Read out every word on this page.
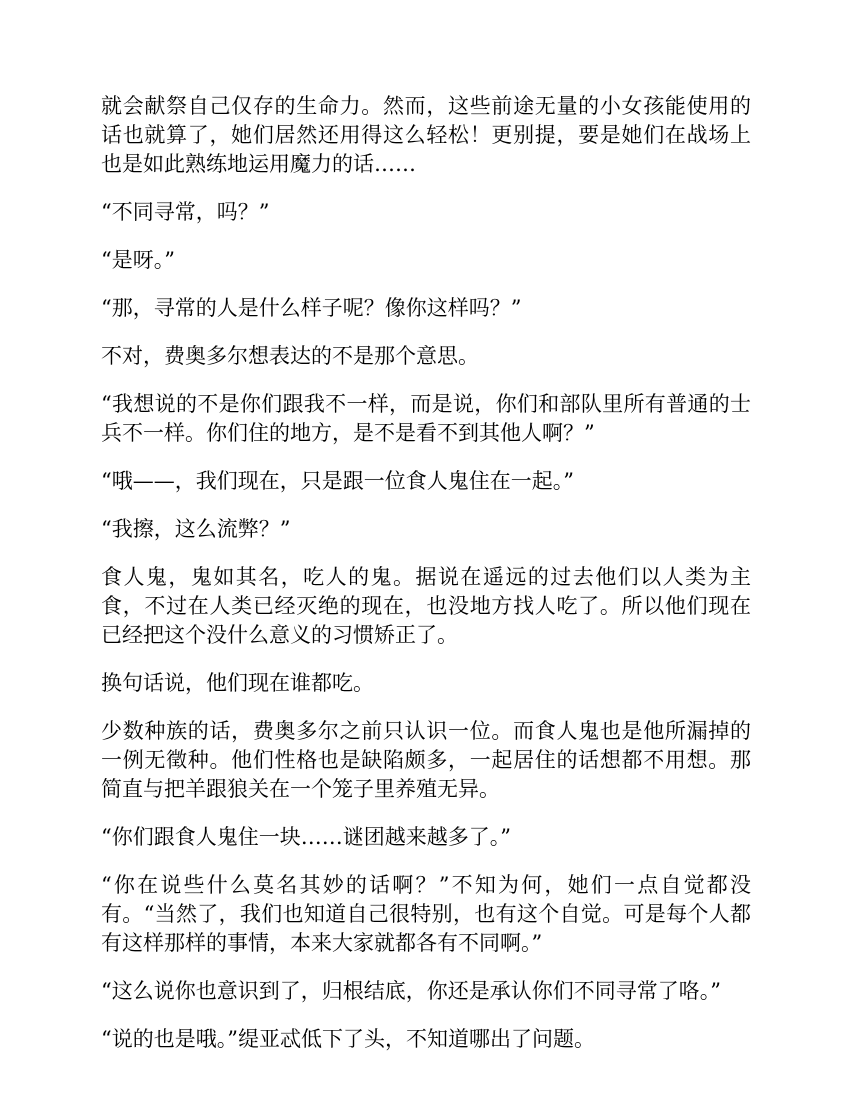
就会献祭自己仅存的生命力。然而，这些前途无量的小女孩能使用的话也就算了，她们居然还用得这么轻松！更别提，要是她们在战场上也是如此熟练地运用魔力的话……

“不同寻常，吗？”

“是呀。”

“那，寻常的人是什么样子呢？像你这样吗？”

不对，费奥多尔想表达的不是那个意思。

“我想说的不是你们跟我不一样，而是说，你们和部队里所有普通的士兵不一样。你们住的地方，是不是看不到其他人啊？”

“哦——，我们现在，只是跟一位食人鬼住在一起。”

“我擦，这么流弊？”

食人鬼，鬼如其名，吃人的鬼。据说在遥远的过去他们以人类为主食，不过在人类已经灭绝的现在，也没地方找人吃了。所以他们现在已经把这个没什么意义的习惯矫正了。

换句话说，他们现在谁都吃。

少数种族的话，费奥多尔之前只认识一位。而食人鬼也是他所漏掉的一例无徵种。他们性格也是缺陷颇多，一起居住的话想都不用想。那简直与把羊跟狼关在一个笼子里养殖无异。

“你们跟食人鬼住一块……谜团越来越多了。”

“你在说些什么莫名其妙的话啊？”不知为何，她们一点自觉都没有。“当然了，我们也知道自己很特别，也有这个自觉。可是每个人都有这样那样的事情，本来大家就都各有不同啊。”

“这么说你也意识到了，归根结底，你还是承认你们不同寻常了咯。”

“说的也是哦。”缇亚忒低下了头，不知道哪出了问题。
